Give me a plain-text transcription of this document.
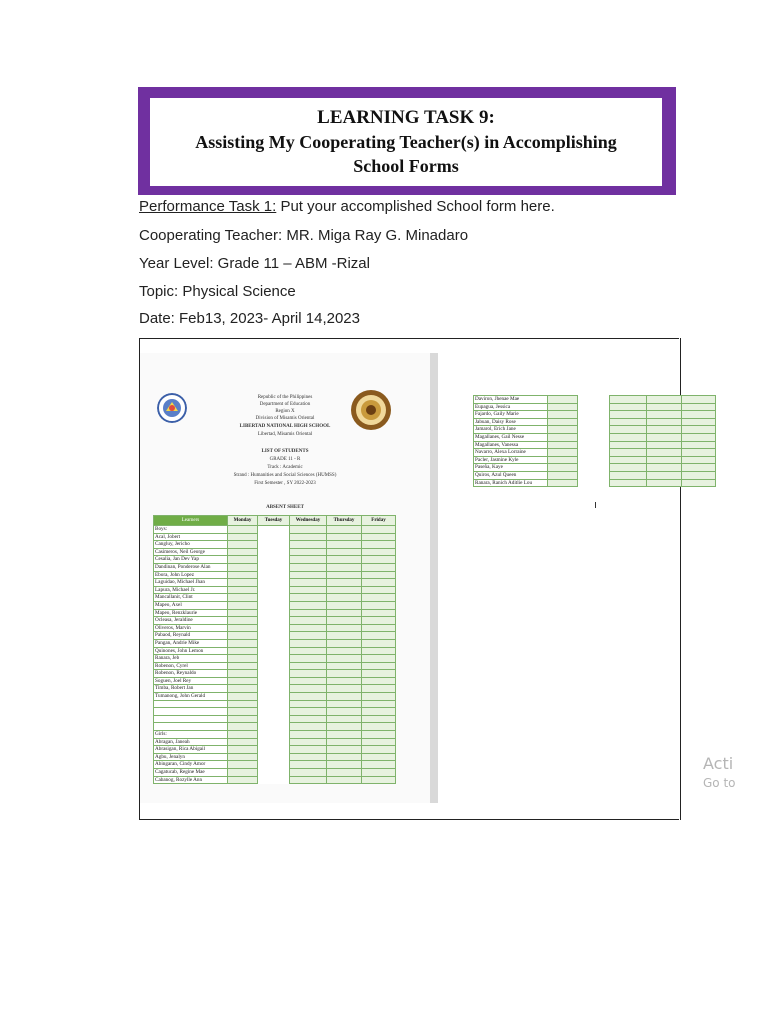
LEARNING TASK 9:
Assisting My Cooperating Teacher(s) in Accomplishing
School Forms
Performance Task 1: Put your accomplished School form here.
Cooperating Teacher: MR. Miga Ray G. Minadaro
Year Level: Grade 11 – ABM -Rizal
Topic: Physical Science
Date: Feb13, 2023- April 14,2023
Republic of the Philippines
Department of Education
Region X
Division of Misamis Oriental
LIBERTAD NATIONAL HIGH SCHOOL
Libertad, Misamis Oriental
LIST OF STUDENTS
GRADE 11 - R
Track : Academic
Strand : Humanities and Social Sciences (HUMSS)
First Semester , SY 2022-2023
ABSENT SHEET
Learners	Monday	Tuesday	Wednesday	Thursday	Friday
Boys:					
Acal, Jobert					
Cangluy, Jericho					
Casimeros, Neil George					
Cesalia, Jan Dev Yap					
Dandinan, Ponderose Alan					
Ebora, John Lopez					
Laguidao, Michael Jhan					
Lapura, Michael Jr.					
Mancallanit, Clint					
Mapeo, Axel					
Mapeo, Renzklaurie					
Ocleasa, Jeraldine					
Oliveros, Marvin					
Pabaod, Reynald					
Pangan, Andrie Mike					
Quinones, John Lemon					
Ranara, Jeb					
Robenon, Cyrel					
Robenon, Reynaldo					
Soguen, Joel Rey					
Timba, Robert Jan					
Tumanong, John Gerald					

Girls:					
Abragan, Janeah					
Abrasigan, Rica Abigail					
Agbu, Jenalyn					
Abingaran, Cindy Amor					
Cagatucab, Regine Mae					
Cabanog, Rozylle Ann					
Daviron, Jhenae Mae					
Eupagua, Jessica					
Fajardo, Gaily Marie					
Jabuan, Daisy Rose					
Jamarol, Erich Jane					
Magallanes, Gail Nesse					
Magallanes, Vanessa					
Navarro, Alexa Lorraine					
Pacler, Jasmine Kyle					
Paseña, Kaye					
Quiros, Azul Queen					
Ranara, Ranich Aditlie Lou					
Acti
Go to
